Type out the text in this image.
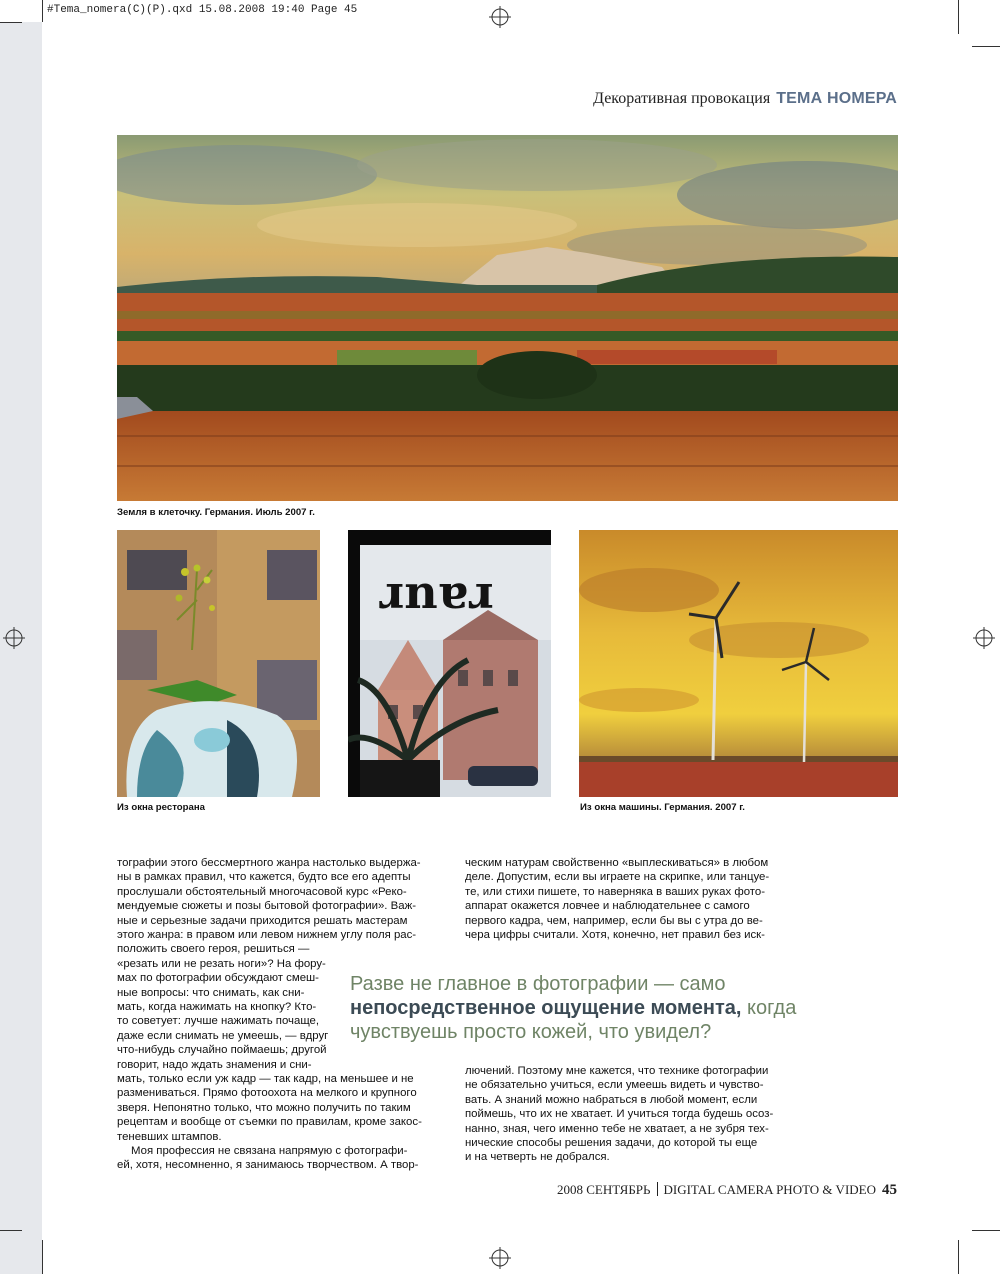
#Tema_nomera(C)(P).qxd 15.08.2008 19:40 Page 45
Декоративная провокация ТЕМА НОМЕРА
Земля в клеточку. Германия. Июль 2007 г.
Из окна ресторана
ɹnɐɹ
Из окна машины. Германия. 2007 г.

тографии этого бессмертного жанра настолько выдержа-
ны в рамках правил, что кажется, будто все его адепты
прослушали обстоятельный многочасовой курс «Реко-
мендуемые сюжеты и позы бытовой фотографии». Важ-
ные и серьезные задачи приходится решать мастерам
этого жанра: в правом или левом нижнем углу поля рас-
положить своего героя, решиться —
«резать или не резать ноги»? На фору-
мах по фотографии обсуждают смеш-
ные вопросы: что снимать, как сни-
мать, когда нажимать на кнопку? Кто-
то советует: лучше нажимать почаще,
даже если снимать не умеешь, — вдруг
что-нибудь случайно поймаешь; другой
говорит, надо ждать знамения и сни-

мать, только если уж кадр — так кадр, на меньшее и не
размениваться. Прямо фотоохота на мелкого и крупного
зверя. Непонятно только, что можно получить по таким
рецептам и вообще от съемки по правилам, кроме закос-
теневших штампов.

Моя профессия не связана напрямую с фотографи-
ей, хотя, несомненно, я занимаюсь творчеством. А твор-

ческим натурам свойственно «выплескиваться» в любом
деле. Допустим, если вы играете на скрипке, или танцуе-
те, или стихи пишете, то наверняка в ваших руках фото-
аппарат окажется ловчее и наблюдательнее с самого
первого кадра, чем, например, если бы вы с утра до ве-
чера цифры считали. Хотя, конечно, нет правил без иск-

лючений. Поэтому мне кажется, что технике фотографии
не обязательно учиться, если умеешь видеть и чувство-
вать. А знаний можно набраться в любой момент, если
поймешь, что их не хватает. И учиться тогда будешь осоз-
нанно, зная, чего именно тебе не хватает, а не зубря тех-
нические способы решения задачи, до которой ты еще
и на четверть не добрался.

Разве не главное в фотографии — само
непосредственное ощущение момента, когда
чувствуешь просто кожей, что увидел?
2008 СЕНТЯБРЬ DIGITAL CAMERA PHOTO & VIDEO 45
